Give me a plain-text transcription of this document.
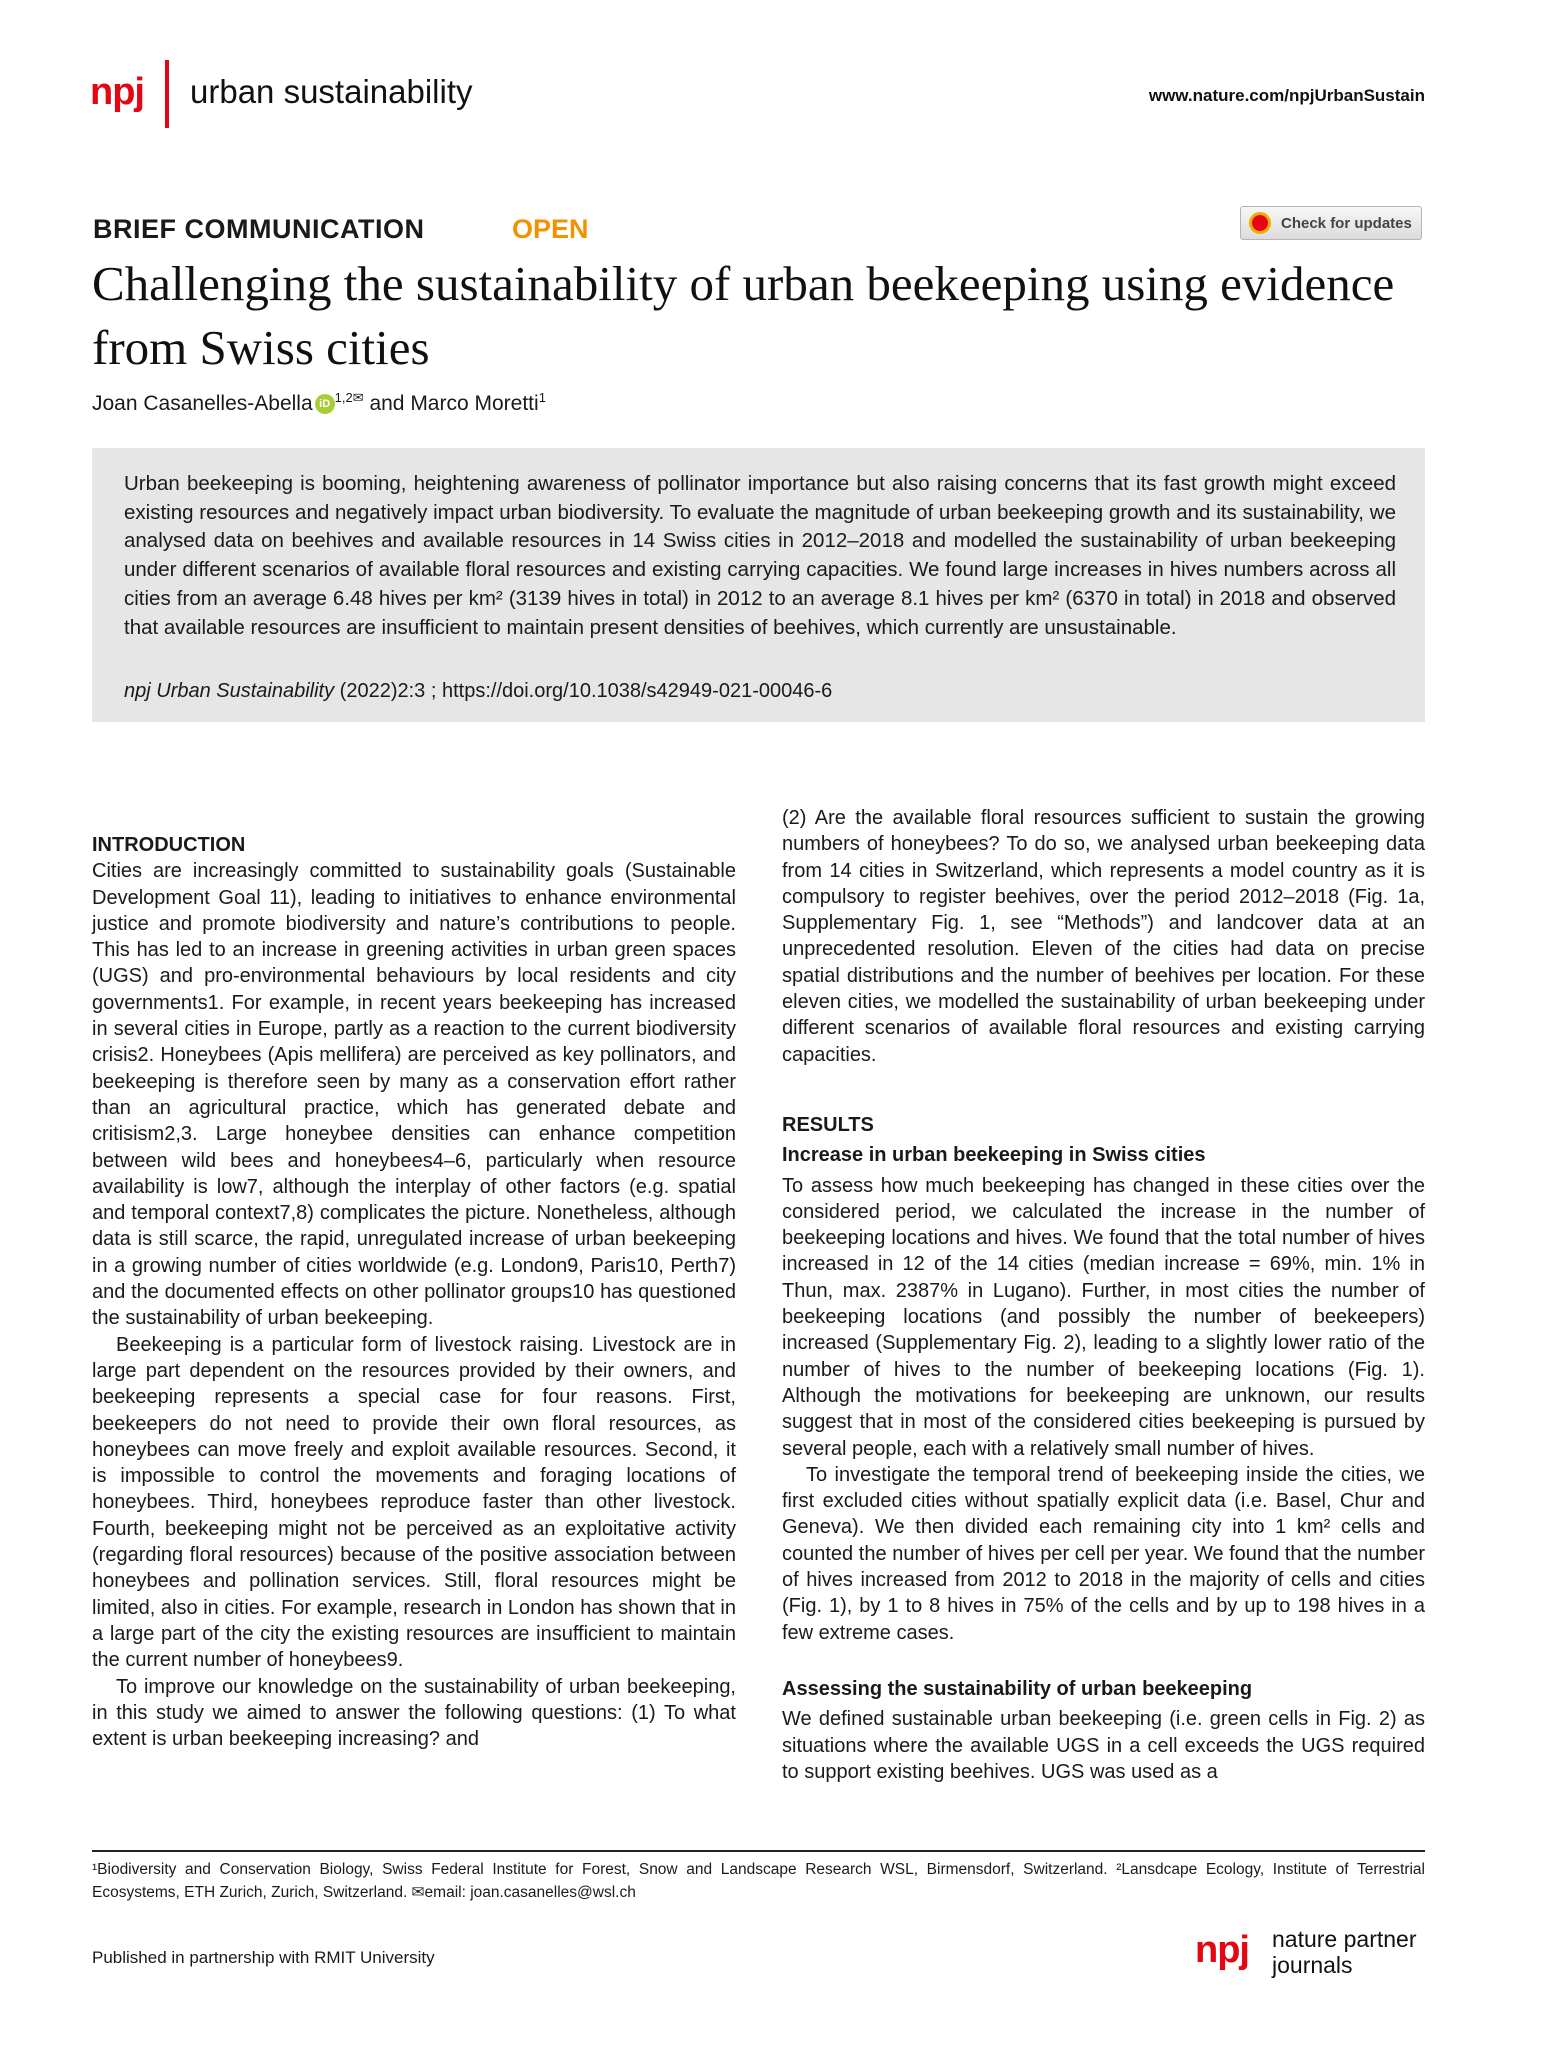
npj urban sustainability	www.nature.com/npjUrbanSustain
BRIEF COMMUNICATION	OPEN	Check for updates
Challenging the sustainability of urban beekeeping using evidence from Swiss cities
Joan Casanelles-Abella iD $^{1,2✉}$ and Marco Moretti$^1$
Urban beekeeping is booming, heightening awareness of pollinator importance but also raising concerns that its fast growth might exceed existing resources and negatively impact urban biodiversity. To evaluate the magnitude of urban beekeeping growth and its sustainability, we analysed data on beehives and available resources in 14 Swiss cities in 2012–2018 and modelled the sustainability of urban beekeeping under different scenarios of available floral resources and existing carrying capacities. We found large increases in hives numbers across all cities from an average 6.48 hives per km² (3139 hives in total) in 2012 to an average 8.1 hives per km² (6370 in total) in 2018 and observed that available resources are insufficient to maintain present densities of beehives, which currently are unsustainable.
npj Urban Sustainability (2022)2:3 ; https://doi.org/10.1038/s42949-021-00046-6
INTRODUCTION

Cities are increasingly committed to sustainability goals (Sustainable Development Goal 11), leading to initiatives to enhance environmental justice and promote biodiversity and nature’s contributions to people. This has led to an increase in greening activities in urban green spaces (UGS) and pro-environmental behaviours by local residents and city governments1. For example, in recent years beekeeping has increased in several cities in Europe, partly as a reaction to the current biodiversity crisis2. Honeybees (Apis mellifera) are perceived as key pollinators, and beekeeping is therefore seen by many as a conservation effort rather than an agricultural practice, which has generated debate and critisism2,3. Large honeybee densities can enhance competition between wild bees and honeybees4–6, particularly when resource availability is low7, although the interplay of other factors (e.g. spatial and temporal context7,8) complicates the picture. Nonetheless, although data is still scarce, the rapid, unregulated increase of urban beekeeping in a growing number of cities worldwide (e.g. London9, Paris10, Perth7) and the documented effects on other pollinator groups10 has questioned the sustainability of urban beekeeping.

Beekeeping is a particular form of livestock raising. Livestock are in large part dependent on the resources provided by their owners, and beekeeping represents a special case for four reasons. First, beekeepers do not need to provide their own floral resources, as honeybees can move freely and exploit available resources. Second, it is impossible to control the movements and foraging locations of honeybees. Third, honeybees reproduce faster than other livestock. Fourth, beekeeping might not be perceived as an exploitative activity (regarding floral resources) because of the positive association between honeybees and pollination services. Still, floral resources might be limited, also in cities. For example, research in London has shown that in a large part of the city the existing resources are insufficient to maintain the current number of honeybees9.

To improve our knowledge on the sustainability of urban beekeeping, in this study we aimed to answer the following questions: (1) To what extent is urban beekeeping increasing? and

(2) Are the available floral resources sufficient to sustain the growing numbers of honeybees? To do so, we analysed urban beekeeping data from 14 cities in Switzerland, which represents a model country as it is compulsory to register beehives, over the period 2012–2018 (Fig. 1a, Supplementary Fig. 1, see “Methods”) and landcover data at an unprecedented resolution. Eleven of the cities had data on precise spatial distributions and the number of beehives per location. For these eleven cities, we modelled the sustainability of urban beekeeping under different scenarios of available floral resources and existing carrying capacities.

RESULTS
Increase in urban beekeeping in Swiss cities

To assess how much beekeeping has changed in these cities over the considered period, we calculated the increase in the number of beekeeping locations and hives. We found that the total number of hives increased in 12 of the 14 cities (median increase = 69%, min. 1% in Thun, max. 2387% in Lugano). Further, in most cities the number of beekeeping locations (and possibly the number of beekeepers) increased (Supplementary Fig. 2), leading to a slightly lower ratio of the number of hives to the number of beekeeping locations (Fig. 1). Although the motivations for beekeeping are unknown, our results suggest that in most of the considered cities beekeeping is pursued by several people, each with a relatively small number of hives.

To investigate the temporal trend of beekeeping inside the cities, we first excluded cities without spatially explicit data (i.e. Basel, Chur and Geneva). We then divided each remaining city into 1 km² cells and counted the number of hives per cell per year. We found that the number of hives increased from 2012 to 2018 in the majority of cells and cities (Fig. 1), by 1 to 8 hives in 75% of the cells and by up to 198 hives in a few extreme cases.

Assessing the sustainability of urban beekeeping

We defined sustainable urban beekeeping (i.e. green cells in Fig. 2) as situations where the available UGS in a cell exceeds the UGS required to support existing beehives. UGS was used as a

¹Biodiversity and Conservation Biology, Swiss Federal Institute for Forest, Snow and Landscape Research WSL, Birmensdorf, Switzerland. ²Lansdcape Ecology, Institute of Terrestrial Ecosystems, ETH Zurich, Zurich, Switzerland. ✉email: joan.casanelles@wsl.ch
Published in partnership with RMIT University	npj nature partner
journals
